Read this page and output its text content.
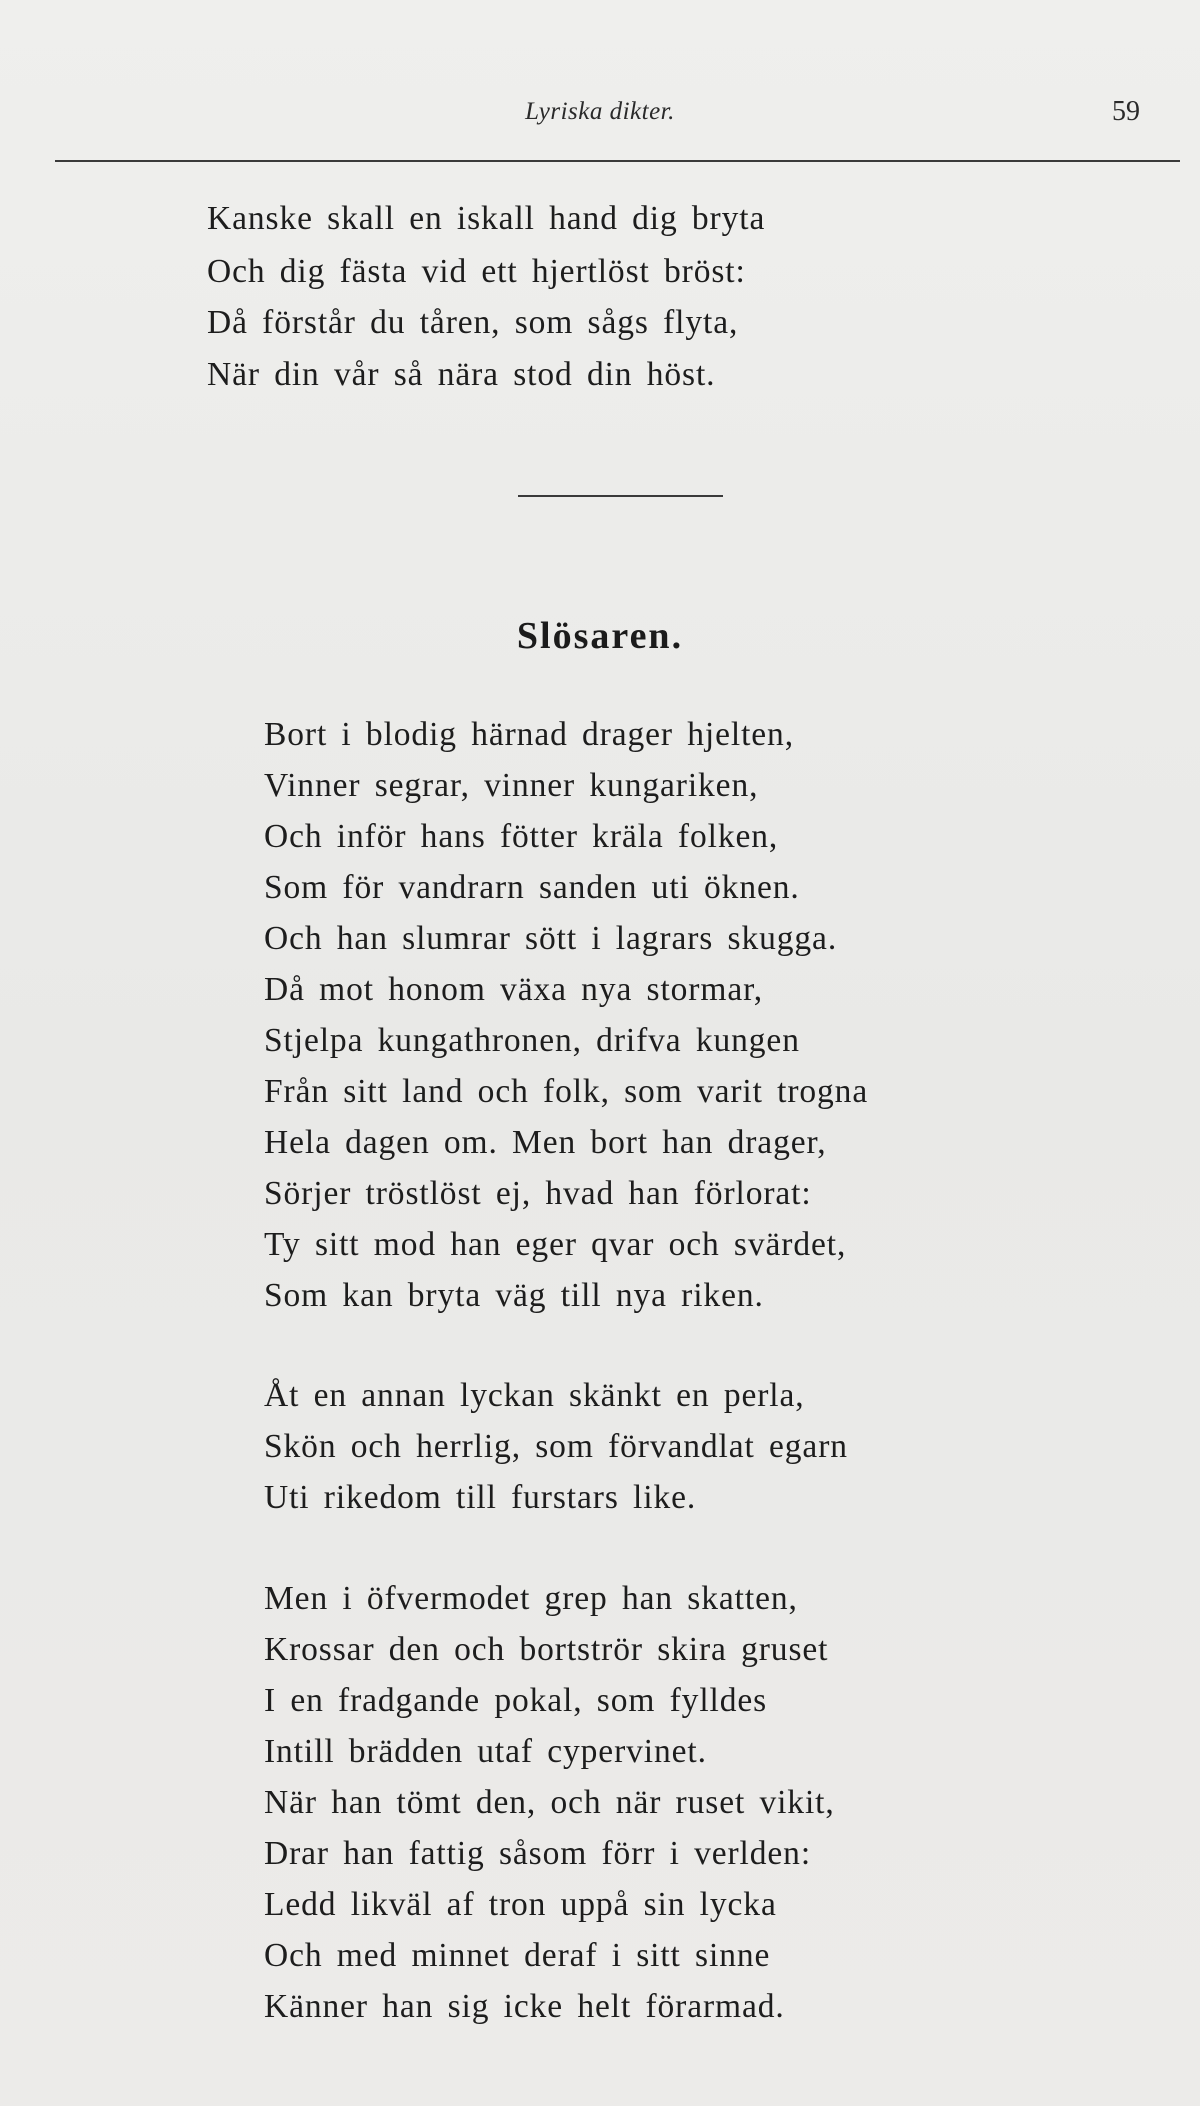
Lyriska dikter.	59
Kanske skall en iskall hand dig bryta
Och dig fästa vid ett hjertlöst bröst:
Då förstår du tåren, som sågs flyta,
När din vår så nära stod din höst.
Slösaren.
Bort i blodig härnad drager hjelten,
Vinner segrar, vinner kungariken,
Och inför hans fötter kräla folken,
Som för vandrarn sanden uti öknen.
Och han slumrar sött i lagrars skugga.
Då mot honom växa nya stormar,
Stjelpa kungathronen, drifva kungen
Från sitt land och folk, som varit trogna
Hela dagen om. Men bort han drager,
Sörjer tröstlöst ej, hvad han förlorat:
Ty sitt mod han eger qvar och svärdet,
Som kan bryta väg till nya riken.
Åt en annan lyckan skänkt en perla,
Skön och herrlig, som förvandlat egarn
Uti rikedom till furstars like.
Men i öfvermodet grep han skatten,
Krossar den och bortströr skira gruset
I en fradgande pokal, som fylldes
Intill brädden utaf cypervinet.
När han tömt den, och när ruset vikit,
Drar han fattig såsom förr i verlden:
Ledd likväl af tron uppå sin lycka
Och med minnet deraf i sitt sinne
Känner han sig icke helt förarmad.
